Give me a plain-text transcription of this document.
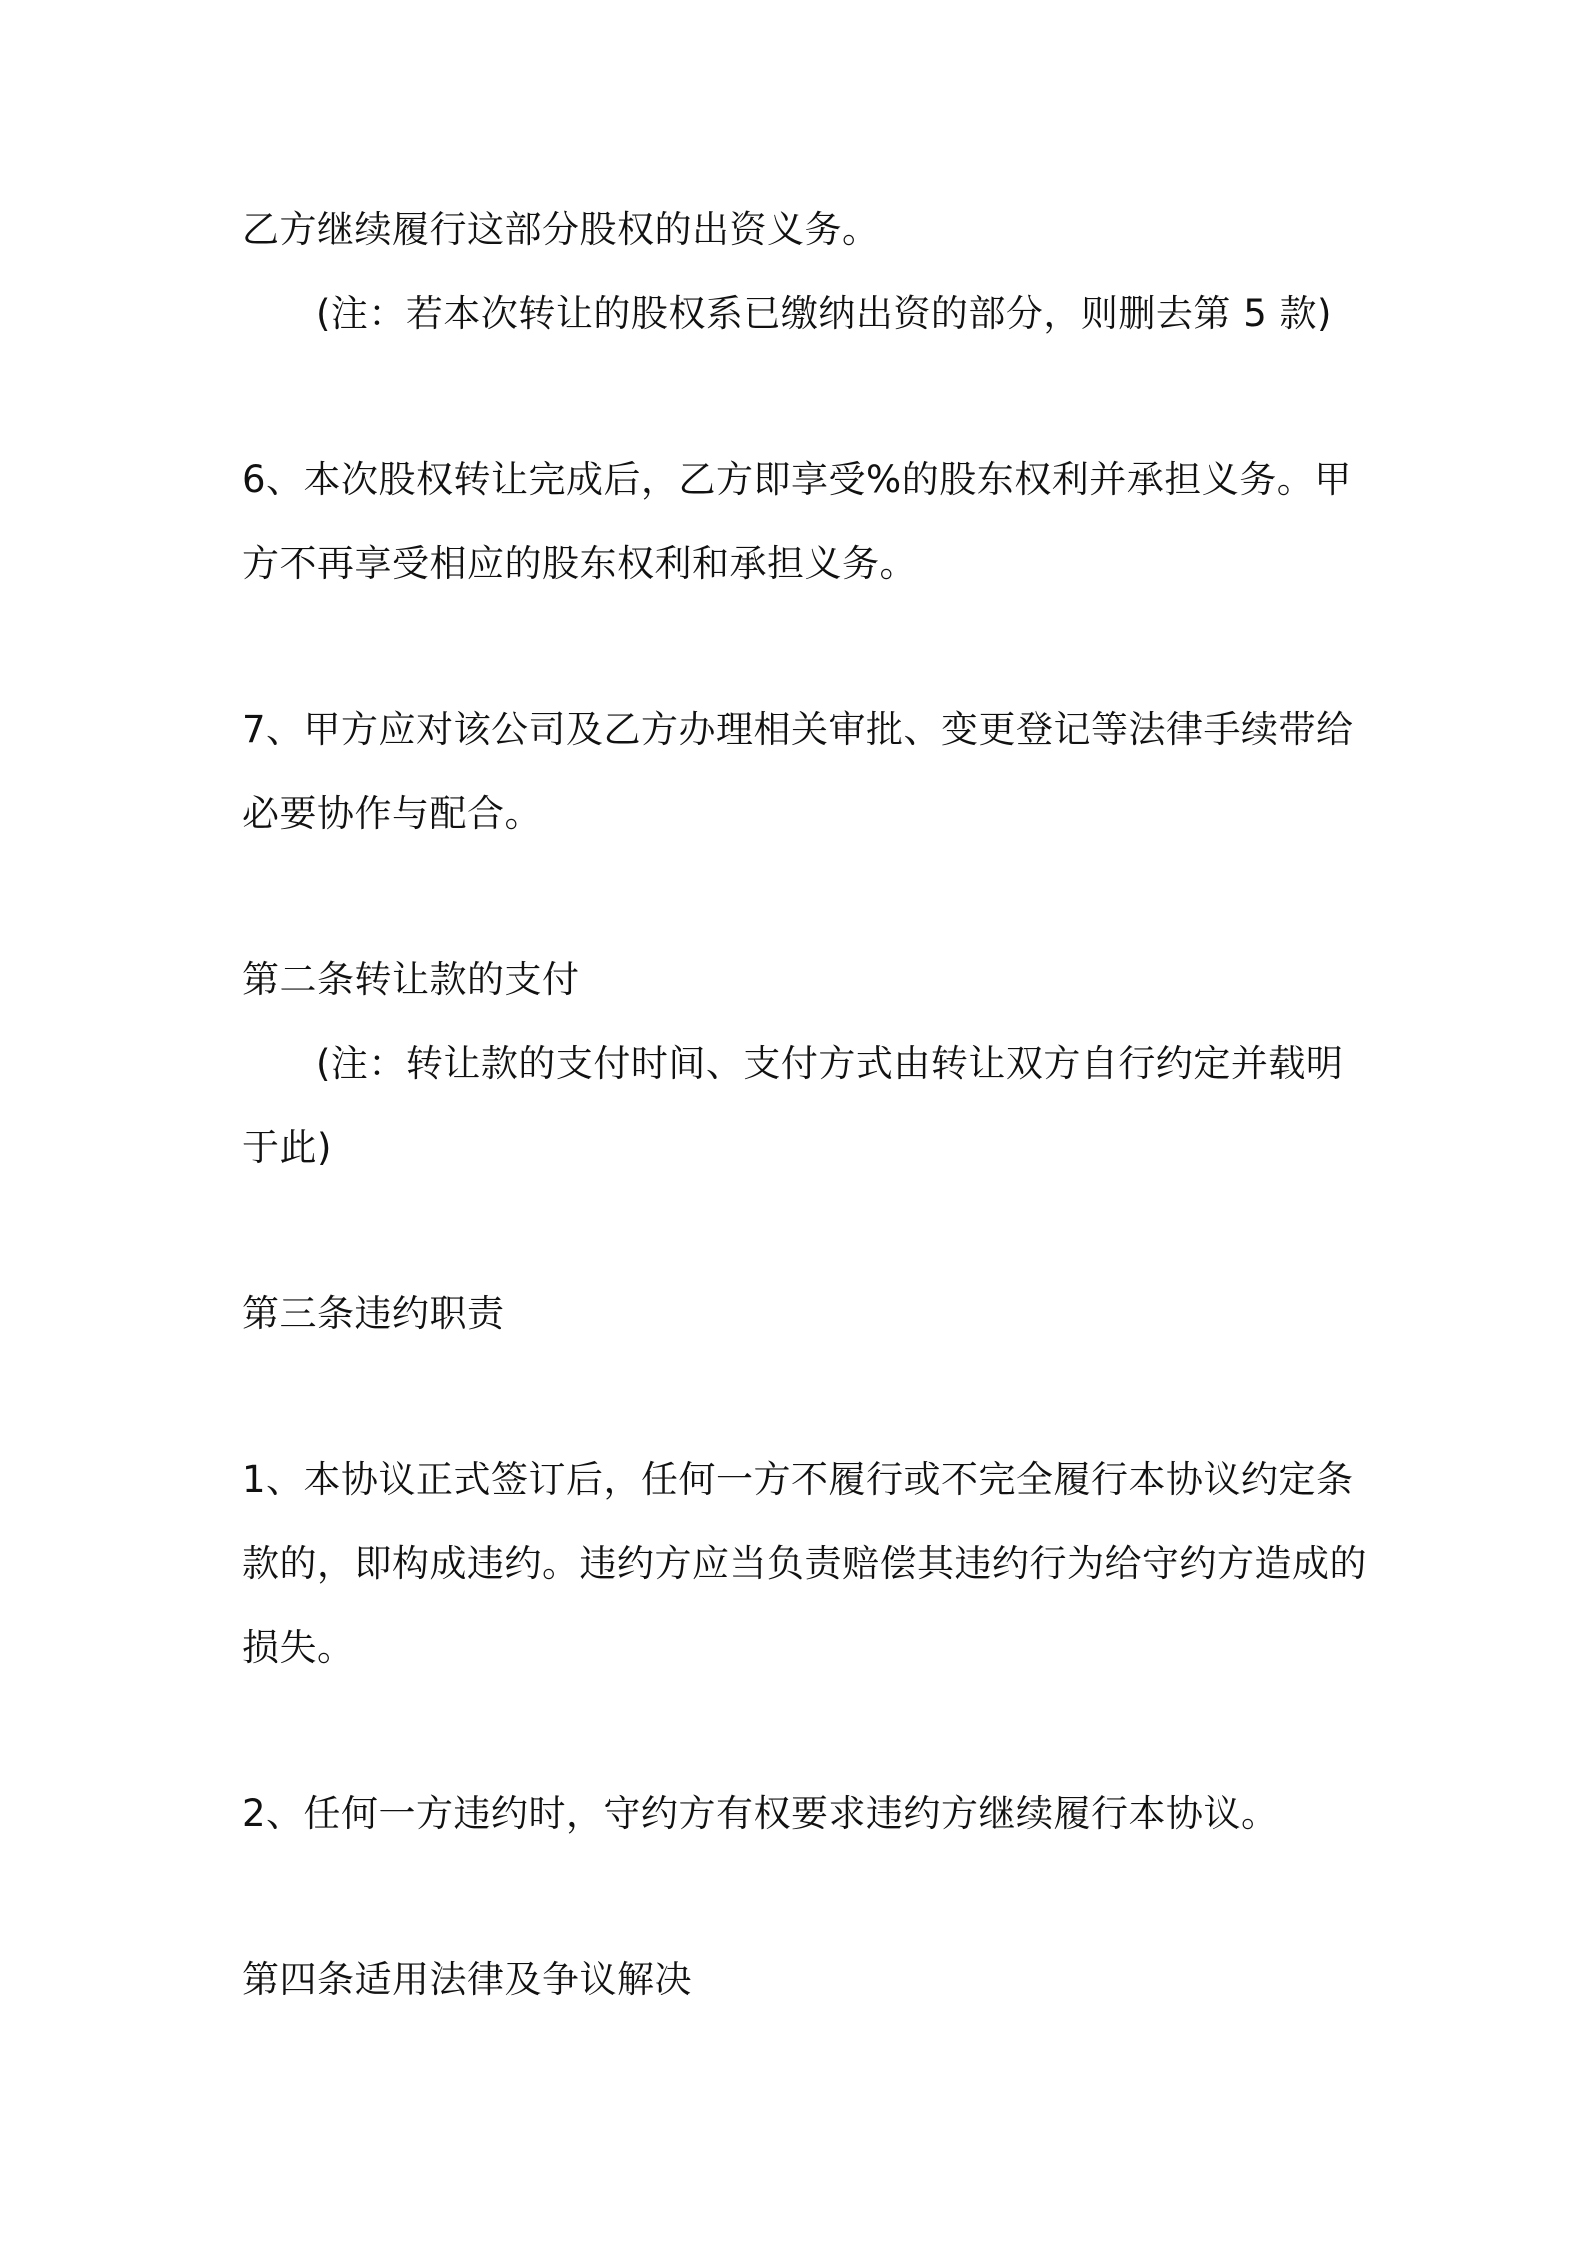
乙方继续履行这部分股权的出资义务。
(注：若本次转让的股权系已缴纳出资的部分，则删去第 5 款)
6、本次股权转让完成后，乙方即享受%的股东权利并承担义务。甲
方不再享受相应的股东权利和承担义务。
7、甲方应对该公司及乙方办理相关审批、变更登记等法律手续带给
必要协作与配合。
第二条转让款的支付
(注：转让款的支付时间、支付方式由转让双方自行约定并载明
于此)
第三条违约职责
1、本协议正式签订后，任何一方不履行或不完全履行本协议约定条
款的，即构成违约。违约方应当负责赔偿其违约行为给守约方造成的
损失。
2、任何一方违约时，守约方有权要求违约方继续履行本协议。
第四条适用法律及争议解决
